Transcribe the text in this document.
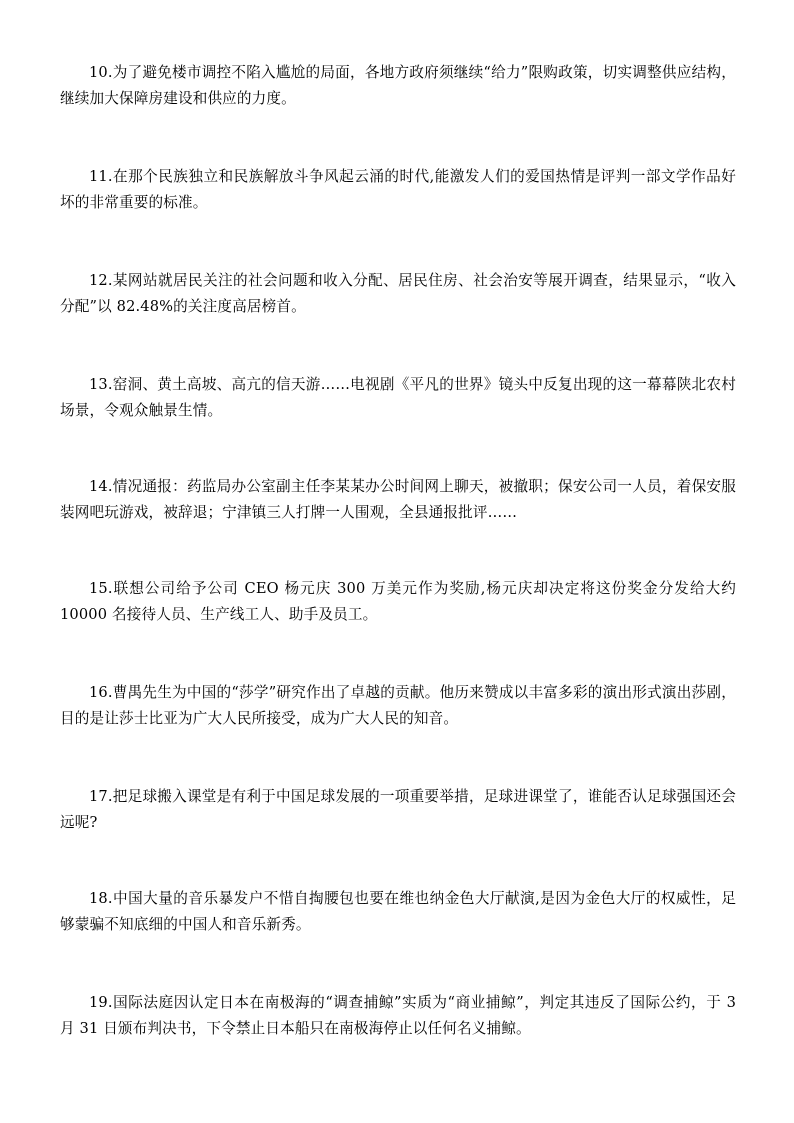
10.为了避免楼市调控不陷入尴尬的局面，各地方政府须继续“给力”限购政策，切实调整供应结构，继续加大保障房建设和供应的力度。

11.在那个民族独立和民族解放斗争风起云涌的时代,能激发人们的爱国热情是评判一部文学作品好坏的非常重要的标准。

12.某网站就居民关注的社会问题和收入分配、居民住房、社会治安等展开调查，结果显示，“收入分配”以 82.48%的关注度高居榜首。

13.窑洞、黄土高坡、高亢的信天游……电视剧《平凡的世界》镜头中反复出现的这一幕幕陕北农村场景，令观众触景生情。

14.情况通报：药监局办公室副主任李某某办公时间网上聊天，被撤职；保安公司一人员，着保安服装网吧玩游戏，被辞退；宁津镇三人打牌一人围观，全县通报批评……

15.联想公司给予公司 CEO 杨元庆 300 万美元作为奖励,杨元庆却决定将这份奖金分发给大约 10000 名接待人员、生产线工人、助手及员工。

16.曹禺先生为中国的“莎学”研究作出了卓越的贡献。他历来赞成以丰富多彩的演出形式演出莎剧，目的是让莎士比亚为广大人民所接受，成为广大人民的知音。

17.把足球搬入课堂是有利于中国足球发展的一项重要举措，足球进课堂了，谁能否认足球强国还会远呢?

18.中国大量的音乐暴发户不惜自掏腰包也要在维也纳金色大厅献演,是因为金色大厅的权威性，足够蒙骗不知底细的中国人和音乐新秀。

19.国际法庭因认定日本在南极海的“调查捕鲸”实质为“商业捕鲸”，判定其违反了国际公约，于 3 月 31 日颁布判决书，下令禁止日本船只在南极海停止以任何名义捕鲸。
